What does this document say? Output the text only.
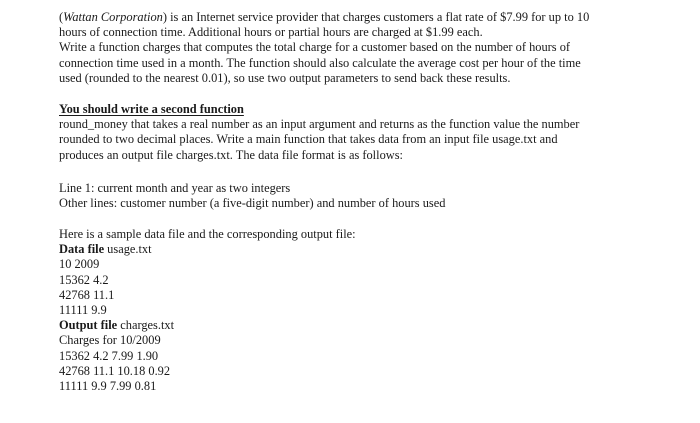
(Wattan Corporation) is an Internet service provider that charges customers a flat rate of $7.99 for up to 10
hours of connection time. Additional hours or partial hours are charged at $1.99 each.
Write a function charges that computes the total charge for a customer based on the number of hours of
connection time used in a month. The function should also calculate the average cost per hour of the time
used (rounded to the nearest 0.01), so use two output parameters to send back these results.
You should write a second function
round_money that takes a real number as an input argument and returns as the function value the number
rounded to two decimal places. Write a main function that takes data from an input file usage.txt and
produces an output file charges.txt. The data file format is as follows:
Line 1: current month and year as two integers
Other lines: customer number (a five-digit number) and number of hours used
Here is a sample data file and the corresponding output file:
Data file usage.txt
10 2009
15362 4.2
42768 11.1
11111 9.9
Output file charges.txt
Charges for 10/2009
15362 4.2 7.99 1.90
42768 11.1 10.18 0.92
11111 9.9 7.99 0.81
